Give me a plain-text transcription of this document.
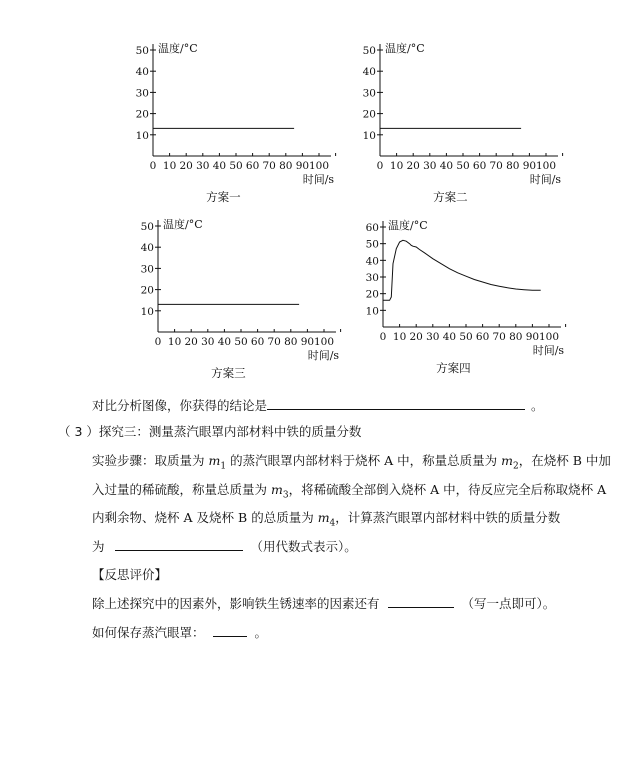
0 10 20 30 40 50 60 70 80 90 100
10
20
30
40
50 温度/°C
时间/s
方案一
0 10 20 30 40 50 60 70 80 90 100
10
20
30
40
50 温度/°C
时间/s
方案二
0 10 20 30 40 50 60 70 80 90 100
10
20
30
40
50 温度/°C
时间/s
方案三
0 10 20 30 40 50 60 70 80 90 100
10
20
30
40
50
60 温度/°C
时间/s
方案四
对比分析图像，你获得的结论是	。
（ 3 ）探究三：测量蒸汽眼罩内部材料中铁的质量分数
实验步骤：取质量为 $m_1$ 的蒸汽眼罩内部材料于烧杯 A 中，称量总质量为 $m_2$，在烧杯 B 中加
入过量的稀硫酸，称量总质量为 $m_3$，将稀硫酸全部倒入烧杯 A 中，待反应完全后称取烧杯 A
内剩余物、烧杯 A 及烧杯 B 的总质量为 $m_4$，计算蒸汽眼罩内部材料中铁的质量分数
为	（用代数式表示）。
【反思评价】
除上述探究中的因素外，影响铁生锈速率的因素还有	（写一点即可）。
如何保存蒸汽眼罩：	。
